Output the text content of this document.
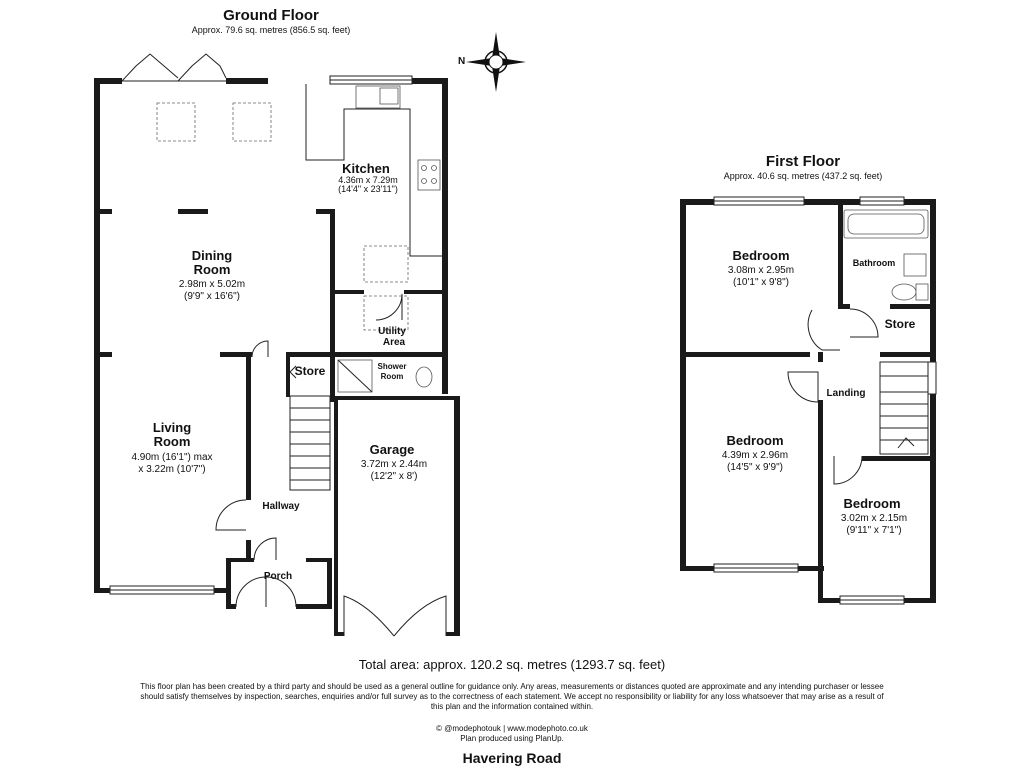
Ground Floor
Approx. 79.6 sq. metres (856.5 sq. feet)
N
Kitchen
4.36m x 7.29m
(14'4" x 23'11")
Dining
Room
2.98m x 5.02m
(9'9" x 16'6")
Living
Room
4.90m (16'1") max
x 3.22m (10'7")
Utility
Area
Store	Shower
Room
Garage
3.72m x 2.44m
(12'2" x 8')
Hallway
Porch
First Floor
Approx. 40.6 sq. metres (437.2 sq. feet)
Bedroom
3.08m x 2.95m
(10'1" x 9'8")
Bathroom
Store
Landing
Bedroom
4.39m x 2.96m
(14'5" x 9'9")
Bedroom
3.02m x 2.15m
(9'11" x 7'1")
Total area: approx. 120.2 sq. metres (1293.7 sq. feet)
This floor plan has been created by a third party and should be used as a general outline for guidance only. Any areas, measurements or distances quoted are approximate and any intending purchaser or lessee should satisfy themselves by inspection, searches, enquiries and/or full survey as to the correctness of each statement. We accept no responsibility or liability for any loss whatsoever that may arise as a result of this plan and the information contained within.
© @modephotouk | www.modephoto.co.uk
Plan produced using PlanUp.
Havering Road
